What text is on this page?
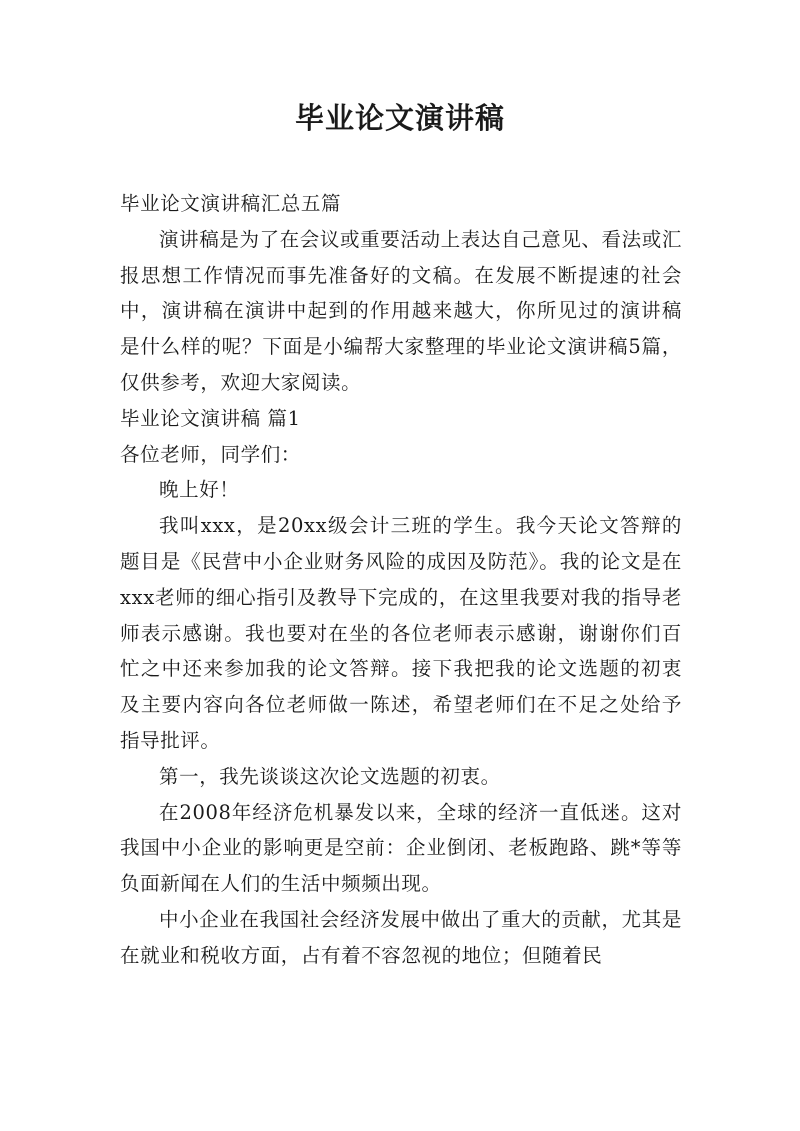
毕业论文演讲稿

毕业论文演讲稿汇总五篇

演讲稿是为了在会议或重要活动上表达自己意见、看法或汇报思想工作情况而事先准备好的文稿。在发展不断提速的社会中，演讲稿在演讲中起到的作用越来越大，你所见过的演讲稿是什么样的呢？下面是小编帮大家整理的毕业论文演讲稿5篇，仅供参考，欢迎大家阅读。

毕业论文演讲稿 篇1

各位老师，同学们：

晚上好！

我叫xxx，是20xx级会计三班的学生。我今天论文答辩的题目是《民营中小企业财务风险的成因及防范》。我的论文是在xxx老师的细心指引及教导下完成的，在这里我要对我的指导老师表示感谢。我也要对在坐的各位老师表示感谢，谢谢你们百忙之中还来参加我的论文答辩。接下我把我的论文选题的初衷及主要内容向各位老师做一陈述，希望老师们在不足之处给予指导批评。

第一，我先谈谈这次论文选题的初衷。

在2008年经济危机暴发以来，全球的经济一直低迷。这对我国中小企业的影响更是空前：企业倒闭、老板跑路、跳*等等负面新闻在人们的生活中频频出现。

中小企业在我国社会经济发展中做出了重大的贡献，尤其是在就业和税收方面，占有着不容忽视的地位；但随着民
